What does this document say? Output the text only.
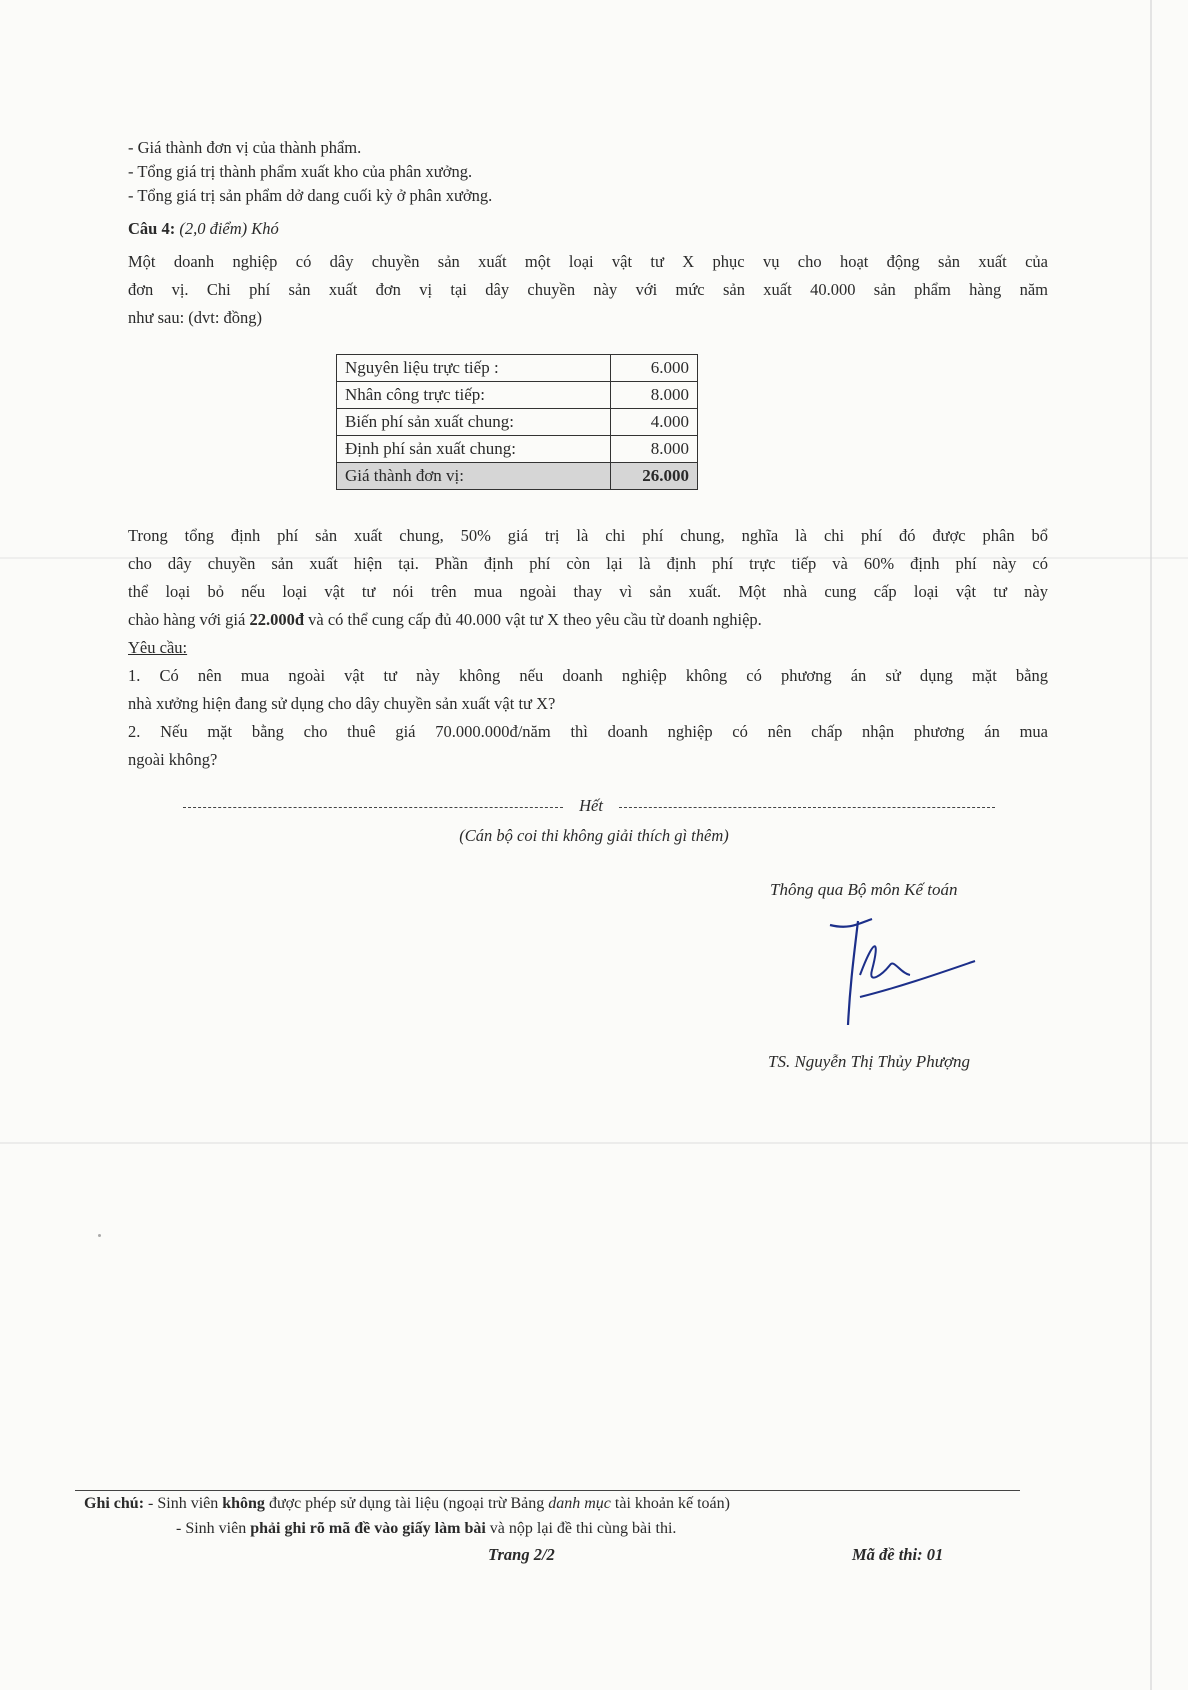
- Giá thành đơn vị của thành phẩm.
- Tổng giá trị thành phẩm xuất kho của phân xưởng.
- Tổng giá trị sản phẩm dở dang cuối kỳ ở phân xưởng.
Câu 4: (2,0 điểm) Khó
Một doanh nghiệp có dây chuyền sản xuất một loại vật tư X phục vụ cho hoạt động sản xuất của
đơn vị. Chi phí sản xuất đơn vị tại dây chuyền này với mức sản xuất 40.000 sản phẩm hàng năm
như sau: (dvt: đồng)
Nguyên liệu trực tiếp :	6.000
Nhân công trực tiếp:	8.000
Biến phí sản xuất chung:	4.000
Định phí sản xuất chung:	8.000
Giá thành đơn vị:	26.000
Trong tổng định phí sản xuất chung, 50% giá trị là chi phí chung, nghĩa là chi phí đó được phân bổ
cho dây chuyền sản xuất hiện tại. Phần định phí còn lại là định phí trực tiếp và 60% định phí này có
thể loại bỏ nếu loại vật tư nói trên mua ngoài thay vì sản xuất. Một nhà cung cấp loại vật tư này
chào hàng với giá 22.000đ và có thể cung cấp đủ 40.000 vật tư X theo yêu cầu từ doanh nghiệp.
Yêu cầu:
1. Có nên mua ngoài vật tư này không nếu doanh nghiệp không có phương án sử dụng mặt bằng
nhà xưởng hiện đang sử dụng cho dây chuyền sản xuất vật tư X?
2. Nếu mặt bằng cho thuê giá 70.000.000đ/năm thì doanh nghiệp có nên chấp nhận phương án mua
ngoài không?
Hết
(Cán bộ coi thi không giải thích gì thêm)
Thông qua Bộ môn Kế toán
TS. Nguyễn Thị Thủy Phượng
Ghi chú: - Sinh viên không được phép sử dụng tài liệu (ngoại trừ Bảng danh mục tài khoản kế toán)
- Sinh viên phải ghi rõ mã đề vào giấy làm bài và nộp lại đề thi cùng bài thi.
Trang 2/2	Mã đề thi: 01
